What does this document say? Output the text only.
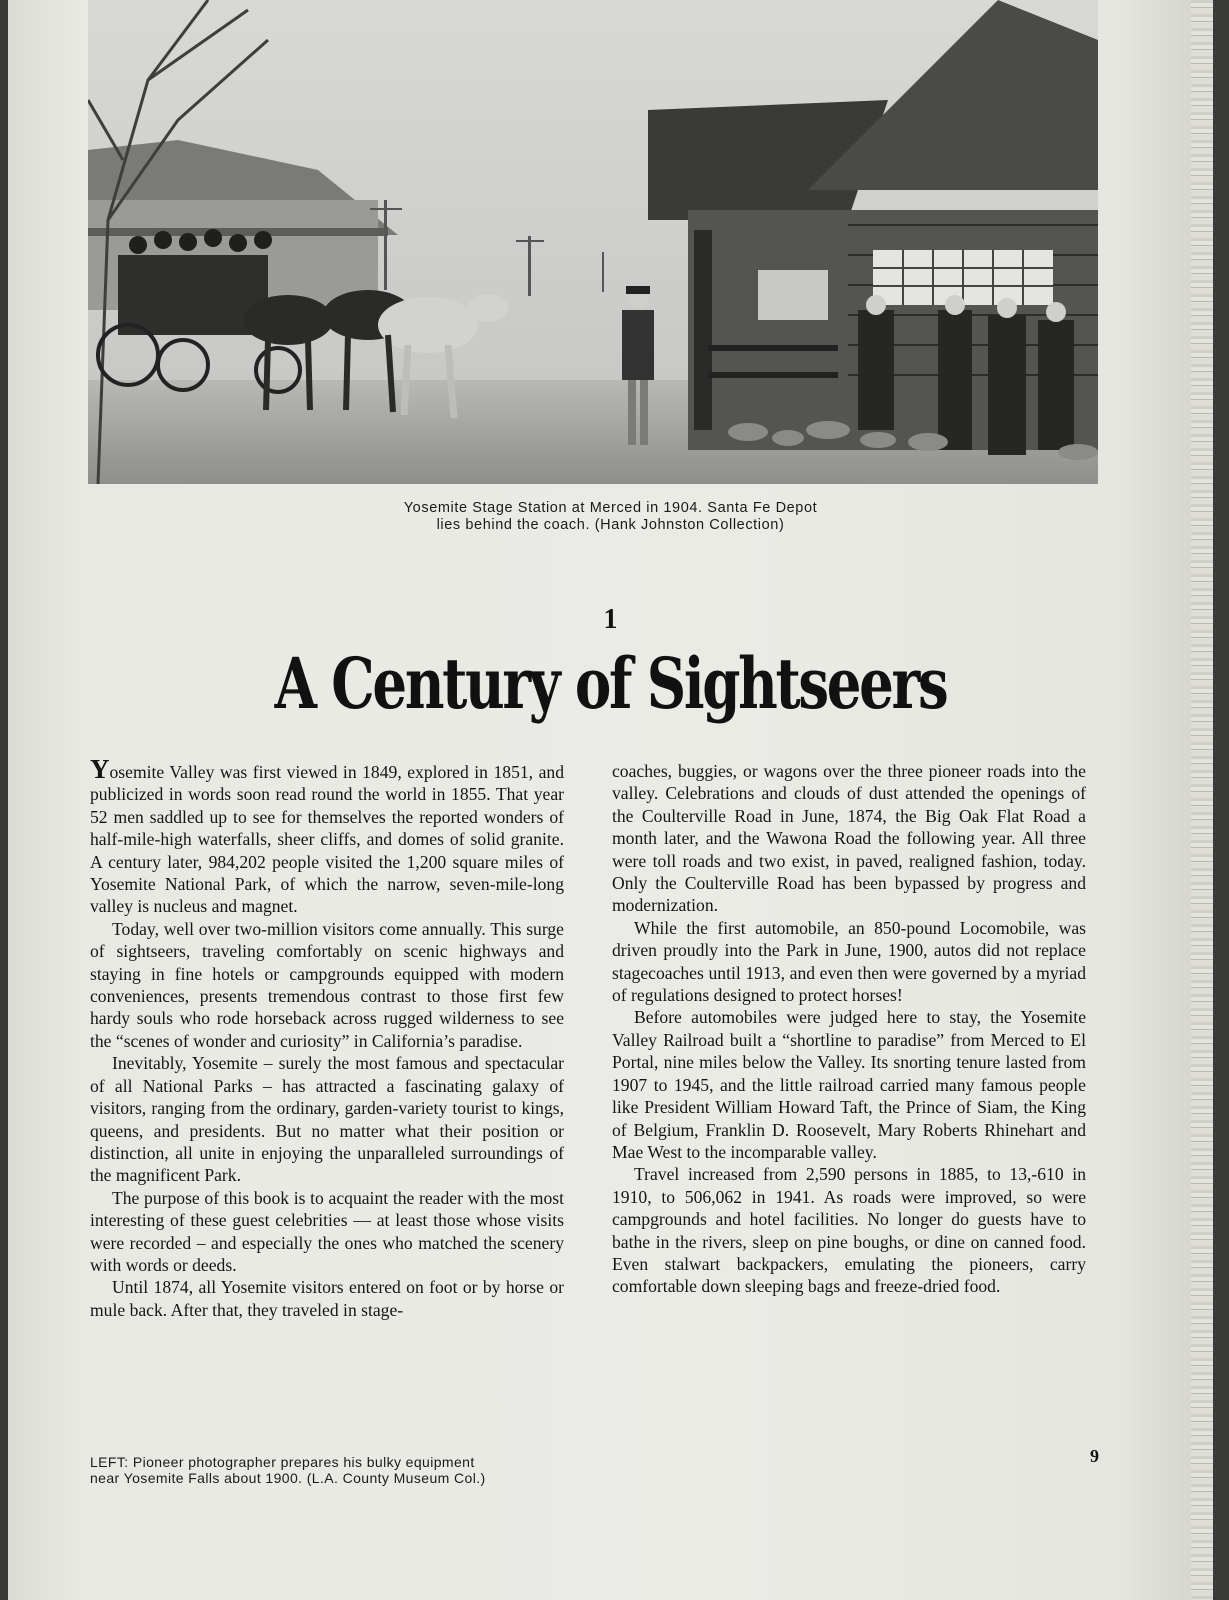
Yosemite Stage Station at Merced in 1904. Santa Fe Depot
lies behind the coach. (Hank Johnston Collection)
1
A Century of Sightseers

Yosemite Valley was first viewed in 1849, explored in 1851, and publicized in words soon read round the world in 1855. That year 52 men saddled up to see for themselves the reported wonders of half-mile-high waterfalls, sheer cliffs, and domes of solid granite. A century later, 984,202 people visited the 1,200 square miles of Yosemite National Park, of which the narrow, seven-mile-long valley is nucleus and magnet.

Today, well over two-million visitors come annually. This surge of sightseers, traveling comfortably on scenic highways and staying in fine hotels or campgrounds equipped with modern conveniences, presents tremendous contrast to those first few hardy souls who rode horseback across rugged wilderness to see the “scenes of wonder and curiosity” in California’s paradise.

Inevitably, Yosemite – surely the most famous and spectacular of all National Parks – has attracted a fascinating galaxy of visitors, ranging from the ordinary, garden-variety tourist to kings, queens, and presidents. But no matter what their position or distinction, all unite in enjoying the unparalleled surroundings of the magnificent Park.

The purpose of this book is to acquaint the reader with the most interesting of these guest celebrities — at least those whose visits were recorded – and especially the ones who matched the scenery with words or deeds.

Until 1874, all Yosemite visitors entered on foot or by horse or mule back. After that, they traveled in stage-

coaches, buggies, or wagons over the three pioneer roads into the valley. Celebrations and clouds of dust attended the openings of the Coulterville Road in June, 1874, the Big Oak Flat Road a month later, and the Wawona Road the following year. All three were toll roads and two exist, in paved, realigned fashion, today. Only the Coulterville Road has been bypassed by progress and modernization.

While the first automobile, an 850-pound Locomobile, was driven proudly into the Park in June, 1900, autos did not replace stagecoaches until 1913, and even then were governed by a myriad of regulations designed to protect horses!

Before automobiles were judged here to stay, the Yosemite Valley Railroad built a “shortline to paradise” from Merced to El Portal, nine miles below the Valley. Its snorting tenure lasted from 1907 to 1945, and the little railroad carried many famous people like President William Howard Taft, the Prince of Siam, the King of Belgium, Franklin D. Roosevelt, Mary Roberts Rhinehart and Mae West to the incomparable valley.

Travel increased from 2,590 persons in 1885, to 13,-610 in 1910, to 506,062 in 1941. As roads were improved, so were campgrounds and hotel facilities. No longer do guests have to bathe in the rivers, sleep on pine boughs, or dine on canned food. Even stalwart backpackers, emulating the pioneers, carry comfortable down sleeping bags and freeze-dried food.

LEFT: Pioneer photographer prepares his bulky equipment
near Yosemite Falls about 1900. (L.A. County Museum Col.)
9
